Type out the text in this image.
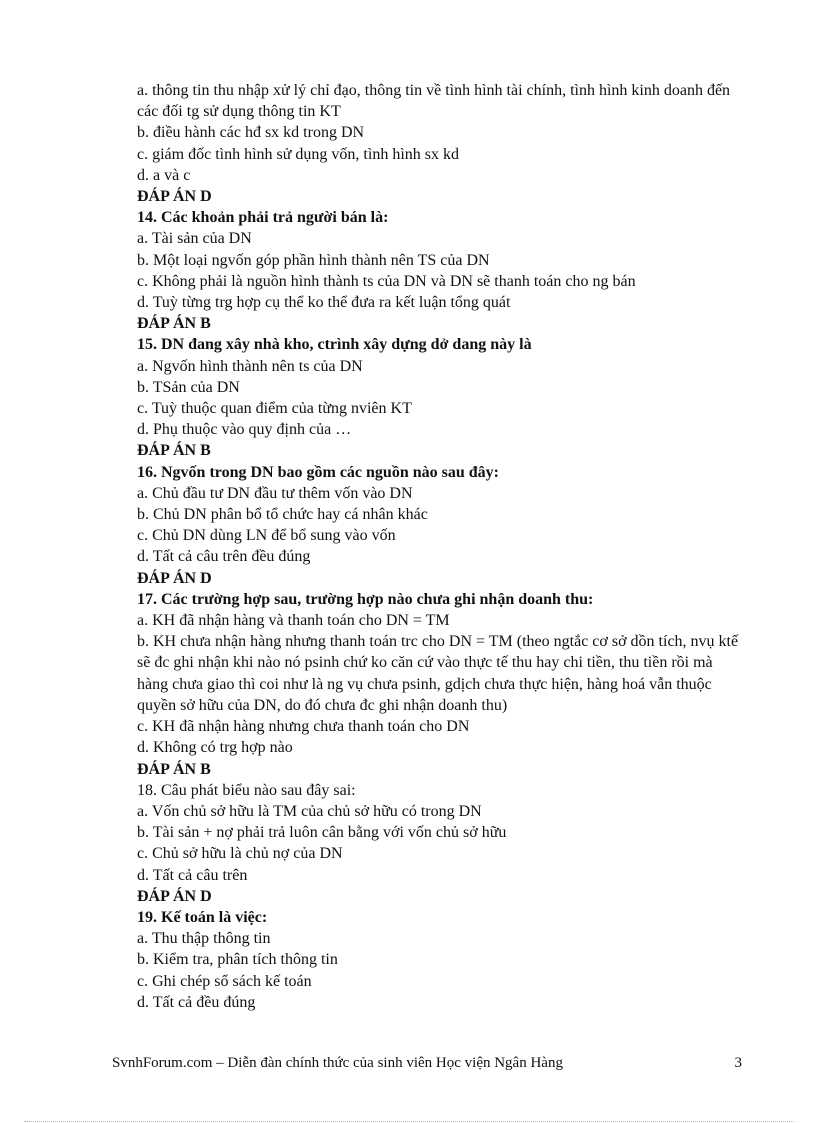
a. thông tin thu nhập xử lý chỉ đạo, thông tin về tình hình tài chính, tình hình kinh doanh đến
các đối tg sử dụng thông tin KT
b. điều hành các hđ sx kd trong DN
c. giám đốc tình hình sử dụng vốn, tình hình sx kd
d. a và c
ĐÁP ÁN D
14. Các khoản phải trả người bán là:
a. Tài sản của DN
b. Một loại ngvốn góp phần hình thành nên TS của DN
c. Không phải là nguồn hình thành ts của DN và DN sẽ thanh toán cho ng bán
d. Tuỳ từng trg hợp cụ thể ko thể đưa ra kết luận tổng quát
ĐÁP ÁN B
15. DN đang xây nhà kho, ctrình xây dựng dở dang này là
a. Ngvốn hình thành nên ts của DN
b. TSản của DN
c. Tuỳ thuộc quan điểm của từng nviên KT
d. Phụ thuộc vào quy định của …
ĐÁP ÁN B
16. Ngvốn trong DN bao gồm các nguồn nào sau đây:
a. Chủ đầu tư DN đầu tư thêm vốn vào DN
b. Chủ DN phân bổ tổ chức hay cá nhân khác
c. Chủ DN dùng LN để bổ sung vào vốn
d. Tất cả câu trên đều đúng
ĐÁP ÁN D
17. Các trường hợp sau, trường hợp nào chưa ghi nhận doanh thu:
a. KH đã nhận hàng và thanh toán cho DN = TM
b. KH chưa nhận hàng nhưng thanh toán trc cho DN = TM (theo ngtắc cơ sở dồn tích, nvụ ktế sẽ đc ghi nhận khi nào nó psinh chứ ko căn cứ vào thực tế thu hay chi tiền, thu tiền rồi mà hàng chưa giao thì coi như là ng vụ chưa psinh, gdịch chưa thực hiện, hàng hoá vẫn thuộc quyền sở hữu của DN, do đó chưa đc ghi nhận doanh thu)
c. KH đã nhận hàng nhưng chưa thanh toán cho DN
d. Không có trg hợp nào
ĐÁP ÁN B
18. Câu phát biểu nào sau đây sai:
a. Vốn chủ sở hữu là TM của chủ sở hữu có trong DN
b. Tài sản + nợ phải trả luôn cân bằng với vốn chủ sở hữu
c. Chủ sở hữu là chủ nợ của DN
d. Tất cả câu trên
ĐÁP ÁN D
19. Kế toán là việc:
a. Thu thập thông tin
b. Kiểm tra, phân tích thông tin
c. Ghi chép sổ sách kế toán
d. Tất cả đều đúng
SvnhForum.com – Diễn đàn chính thức của sinh viên Học viện Ngân Hàng	3
